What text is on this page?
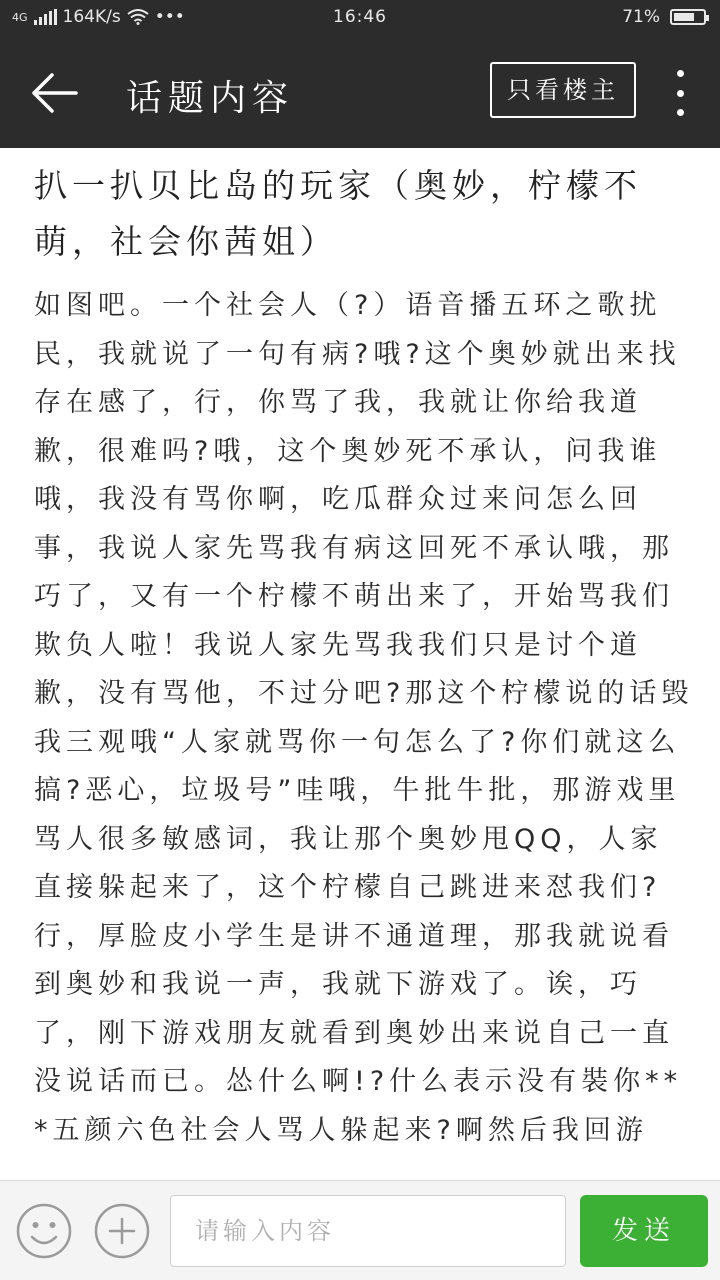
4G 164K/s •••	16:46	71%
话题内容	只看楼主
扒一扒贝比岛的玩家（奥妙，柠檬不萌，社会你茜姐）
如图吧。一个社会人（?）语音播五环之歌扰民，我就说了一句有病?哦?这个奥妙就出来找存在感了，行，你骂了我，我就让你给我道歉，很难吗?哦，这个奥妙死不承认，问我谁哦，我没有骂你啊，吃瓜群众过来问怎么回事，我说人家先骂我有病这回死不承认哦，那巧了，又有一个柠檬不萌出来了，开始骂我们欺负人啦！我说人家先骂我我们只是讨个道歉，没有骂他，不过分吧?那这个柠檬说的话毁我三观哦“人家就骂你一句怎么了?你们就这么搞?恶心，垃圾号”哇哦，牛批牛批，那游戏里骂人很多敏感词，我让那个奥妙甩QQ，人家直接躲起来了，这个柠檬自己跳进来怼我们?行，厚脸皮小学生是讲不通道理，那我就说看到奥妙和我说一声，我就下游戏了。诶，巧了，刚下游戏朋友就看到奥妙出来说自己一直没说话而已。怂什么啊!?什么表示没有裝你***五颜六色社会人骂人躲起来?啊然后我回游
请输入内容	发送
